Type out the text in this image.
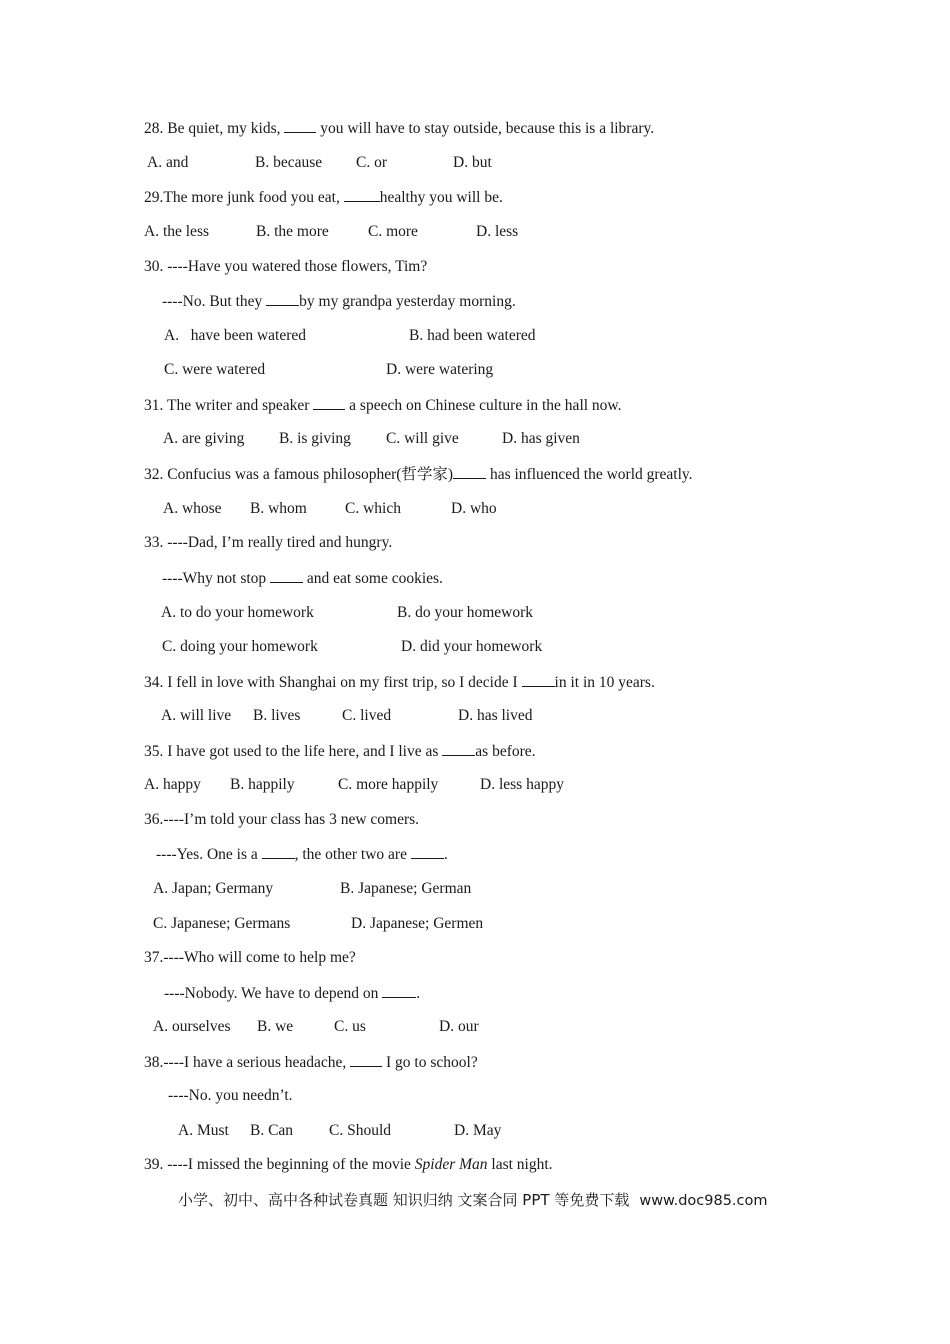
28. Be quiet, my kids,  you will have to stay outside, because this is a library.
A. and	B. because C. or	D. but
29.The more junk food you eat, healthy you will be.
A. the less	B. the more	C. more	D. less
30. ----Have you watered those flowers, Tim?
----No. But they by my grandpa yesterday morning.
A.   have been watered	B. had been watered
C. were watered	D. were watering
31. The writer and speaker  a speech on Chinese culture in the hall now.
A. are giving B. is giving C. will give	D. has given
32. Confucius was a famous philosopher(哲学家) has influenced the world greatly.
A. whose B. whom C. which	D. who
33. ----Dad, I’m really tired and hungry.
----Why not stop  and eat some cookies.
A. to do your homework	B. do your homework
C. doing your homework	D. did your homework
34. I fell in love with Shanghai on my first trip, so I decide I in it in 10 years.
A. will live B. lives	C. lived	D. has lived
35. I have got used to the life here, and I live as as before.
A. happy B. happily	C. more happily	D. less happy
36.----I’m told your class has 3 new comers.
----Yes. One is a , the other two are .
A. Japan; Germany	B. Japanese; German
C. Japanese; Germans	D. Japanese; Germen
37.----Who will come to help me?
----Nobody. We have to depend on .
A. ourselves B. we	C. us	D. our
38.----I have a serious headache,  I go to school?
----No. you needn’t.
A. Must B. Can C. Should	D. May
39. ----I missed the beginning of the movie Spider Man last night.
小学、初中、高中各种试卷真题 知识归纳 文案合同 PPT 等免费下载 www.doc985.com
